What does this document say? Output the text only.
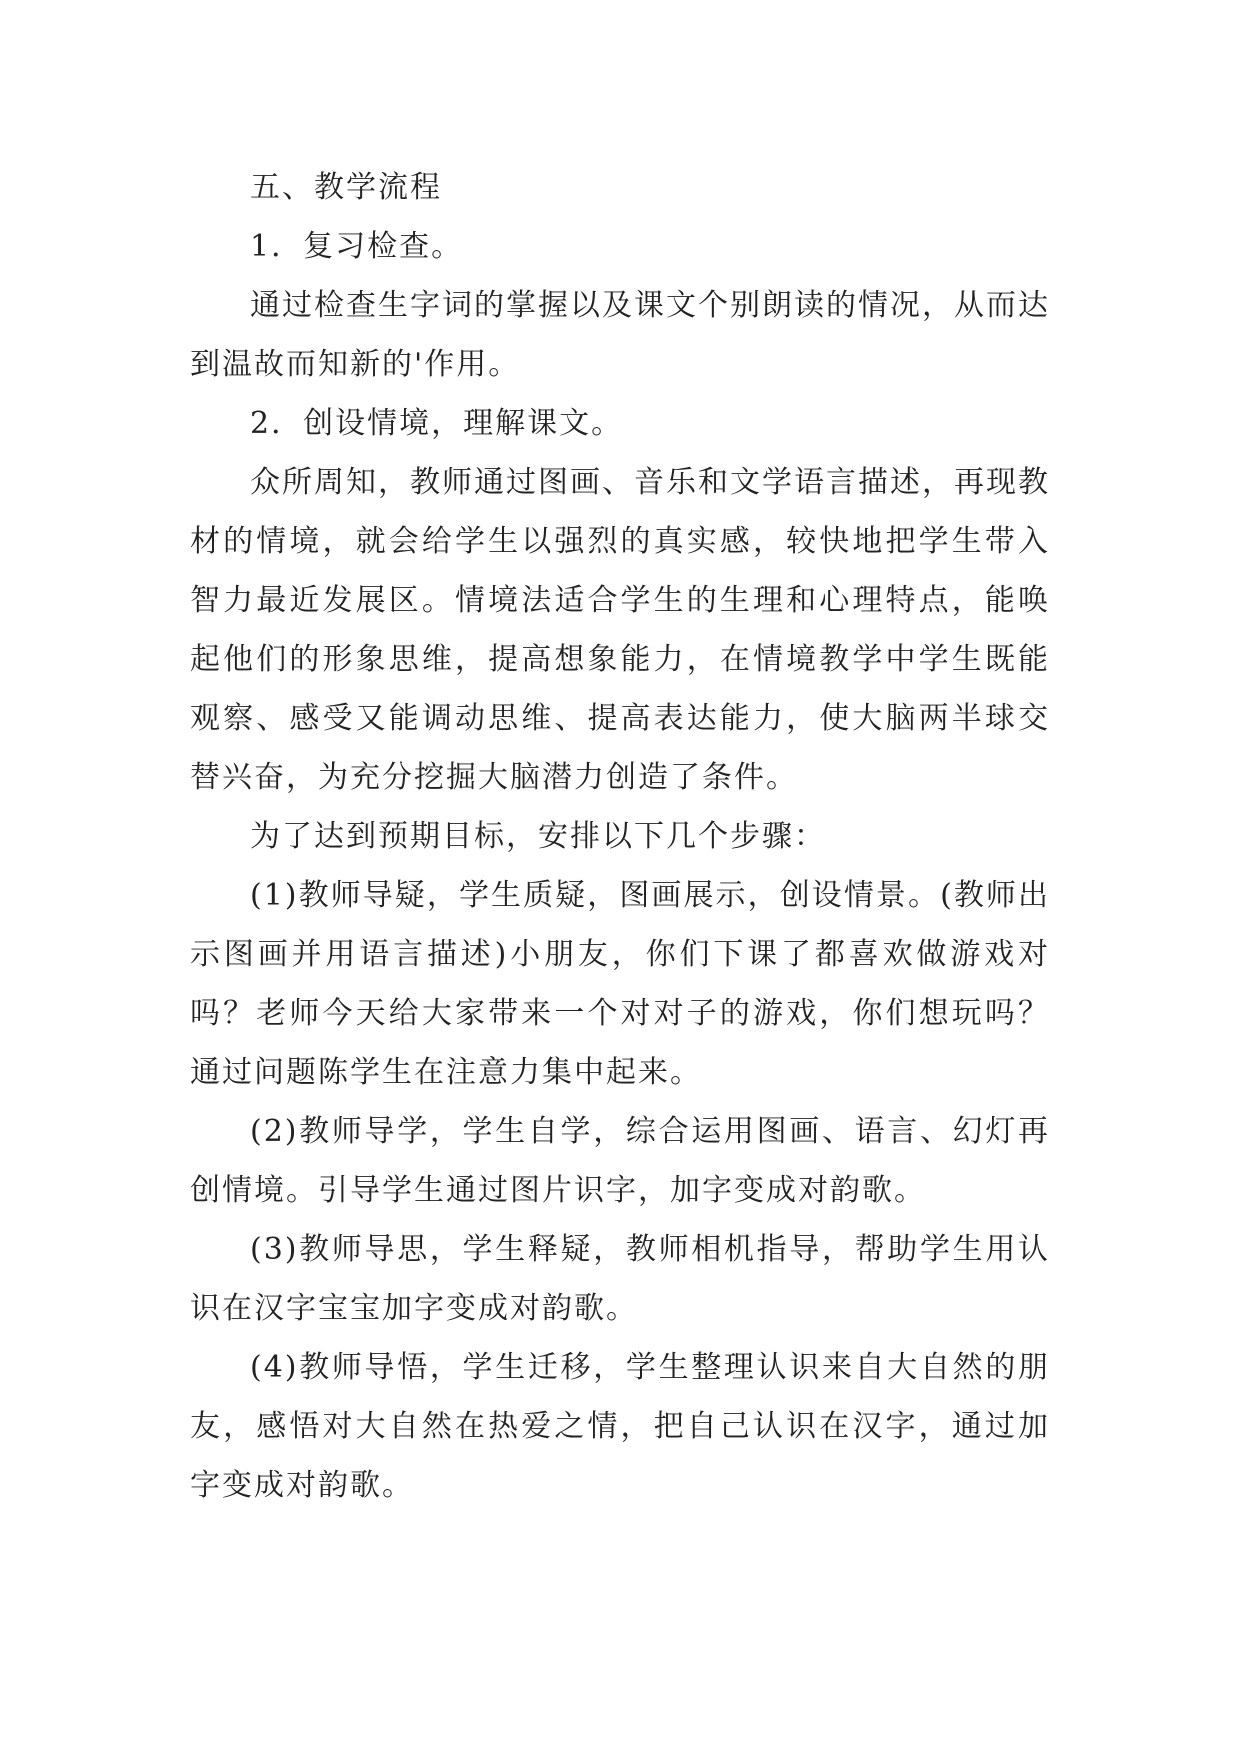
五、教学流程

1．复习检查。

通过检查生字词的掌握以及课文个别朗读的情况，从而达到温故而知新的'作用。

2．创设情境，理解课文。

众所周知，教师通过图画、音乐和文学语言描述，再现教材的情境，就会给学生以强烈的真实感，较快地把学生带入智力最近发展区。情境法适合学生的生理和心理特点，能唤起他们的形象思维，提高想象能力，在情境教学中学生既能观察、感受又能调动思维、提高表达能力，使大脑两半球交替兴奋，为充分挖掘大脑潜力创造了条件。

为了达到预期目标，安排以下几个步骤：

(1)教师导疑，学生质疑，图画展示，创设情景。(教师出示图画并用语言描述)小朋友，你们下课了都喜欢做游戏对吗？老师今天给大家带来一个对对子的游戏，你们想玩吗？通过问题陈学生在注意力集中起来。

(2)教师导学，学生自学，综合运用图画、语言、幻灯再创情境。引导学生通过图片识字，加字变成对韵歌。

(3)教师导思，学生释疑，教师相机指导，帮助学生用认识在汉字宝宝加字变成对韵歌。

(4)教师导悟，学生迁移，学生整理认识来自大自然的朋友，感悟对大自然在热爱之情，把自己认识在汉字，通过加字变成对韵歌。
